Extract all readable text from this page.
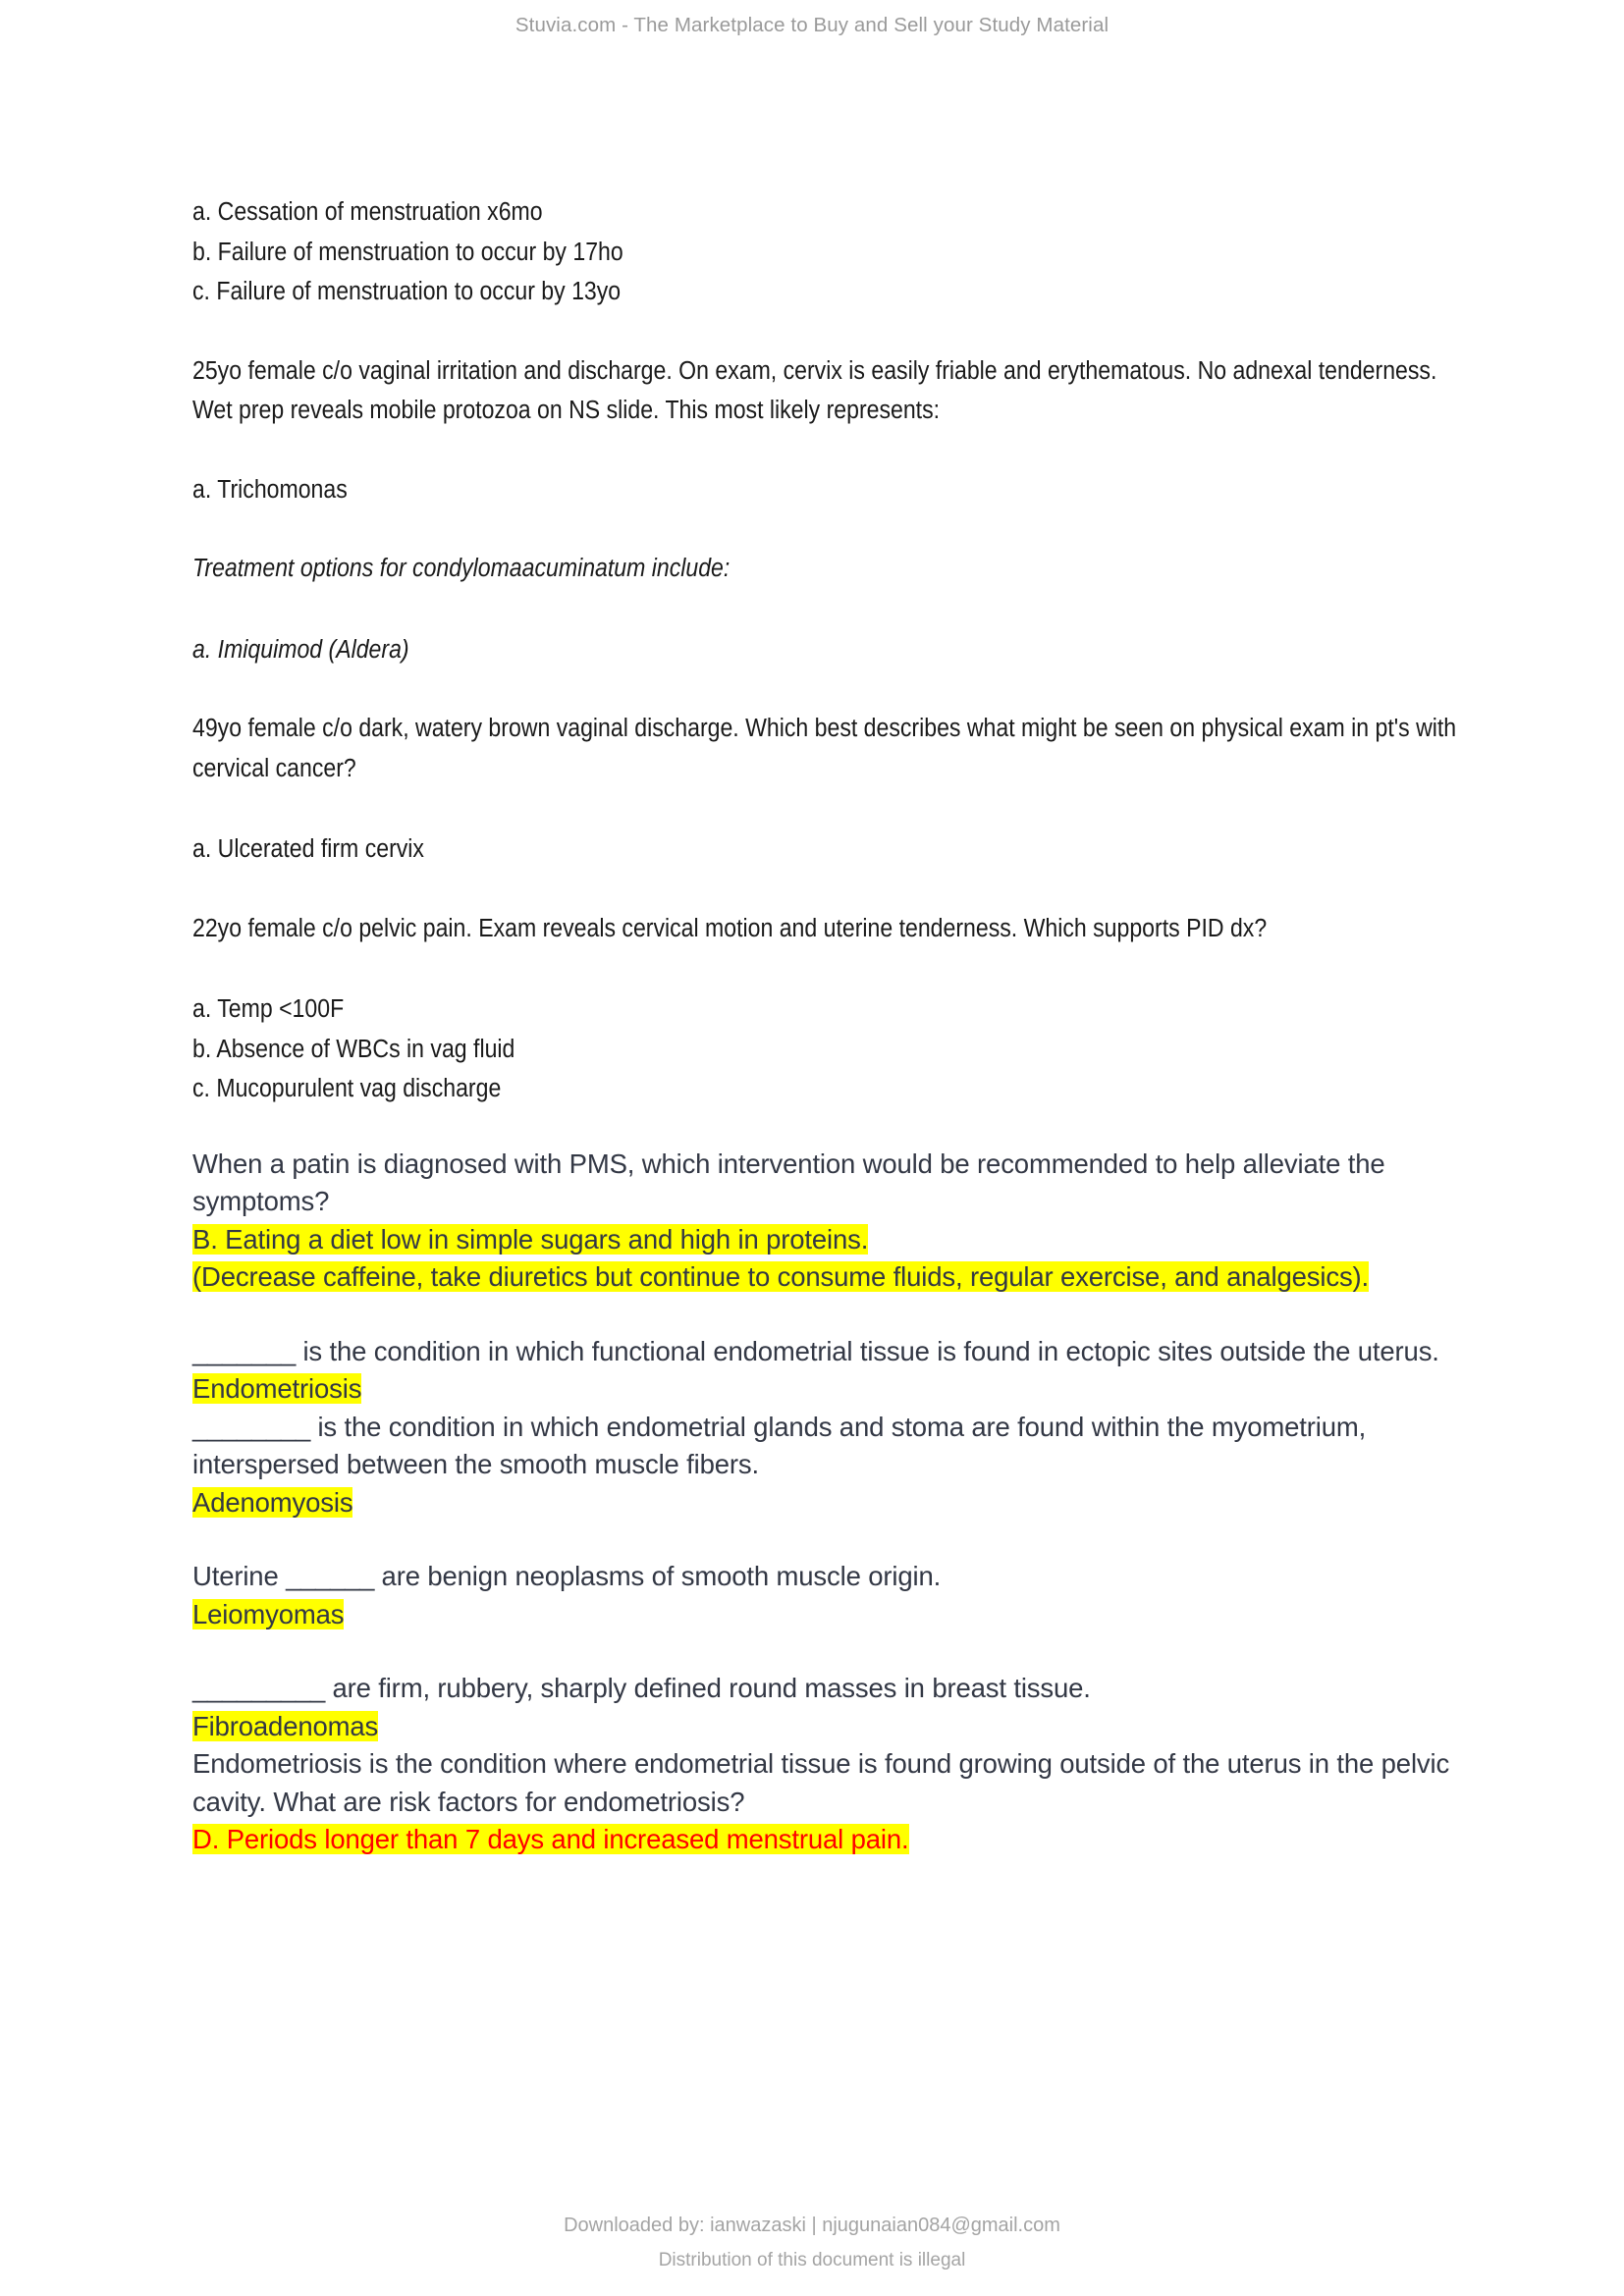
Stuvia.com - The Marketplace to Buy and Sell your Study Material

a. Cessation of menstruation x6mo

b. Failure of menstruation to occur by 17ho

c. Failure of menstruation to occur by 13yo

25yo female c/o vaginal irritation and discharge. On exam, cervix is easily friable and erythematous. No adnexal tenderness. Wet prep reveals mobile protozoa on NS slide. This most likely represents:

a. Trichomonas

Treatment options for condylomaacuminatum include:

a. Imiquimod (Aldera)

49yo female c/o dark, watery brown vaginal discharge. Which best describes what might be seen on physical exam in pt's with cervical cancer?

a. Ulcerated firm cervix

22yo female c/o pelvic pain. Exam reveals cervical motion and uterine tenderness. Which supports PID dx?

a. Temp <100F

b. Absence of WBCs in vag fluid

c. Mucopurulent vag discharge

When a patin is diagnosed with PMS, which intervention would be recommended to help alleviate the symptoms?

B. Eating a diet low in simple sugars and high in proteins.

(Decrease caffeine, take diuretics but continue to consume fluids, regular exercise, and analgesics).

_______ is the condition in which functional endometrial tissue is found in ectopic sites outside the uterus.

Endometriosis

________ is the condition in which endometrial glands and stoma are found within the myometrium, interspersed between the smooth muscle fibers.

Adenomyosis

Uterine ______ are benign neoplasms of smooth muscle origin.

Leiomyomas

_________ are firm, rubbery, sharply defined round masses in breast tissue.

Fibroadenomas

Endometriosis is the condition where endometrial tissue is found growing outside of the uterus in the pelvic cavity. What are risk factors for endometriosis?

D. Periods longer than 7 days and increased menstrual pain.

Downloaded by: ianwazaski | njugunaian084@gmail.com
Distribution of this document is illegal
